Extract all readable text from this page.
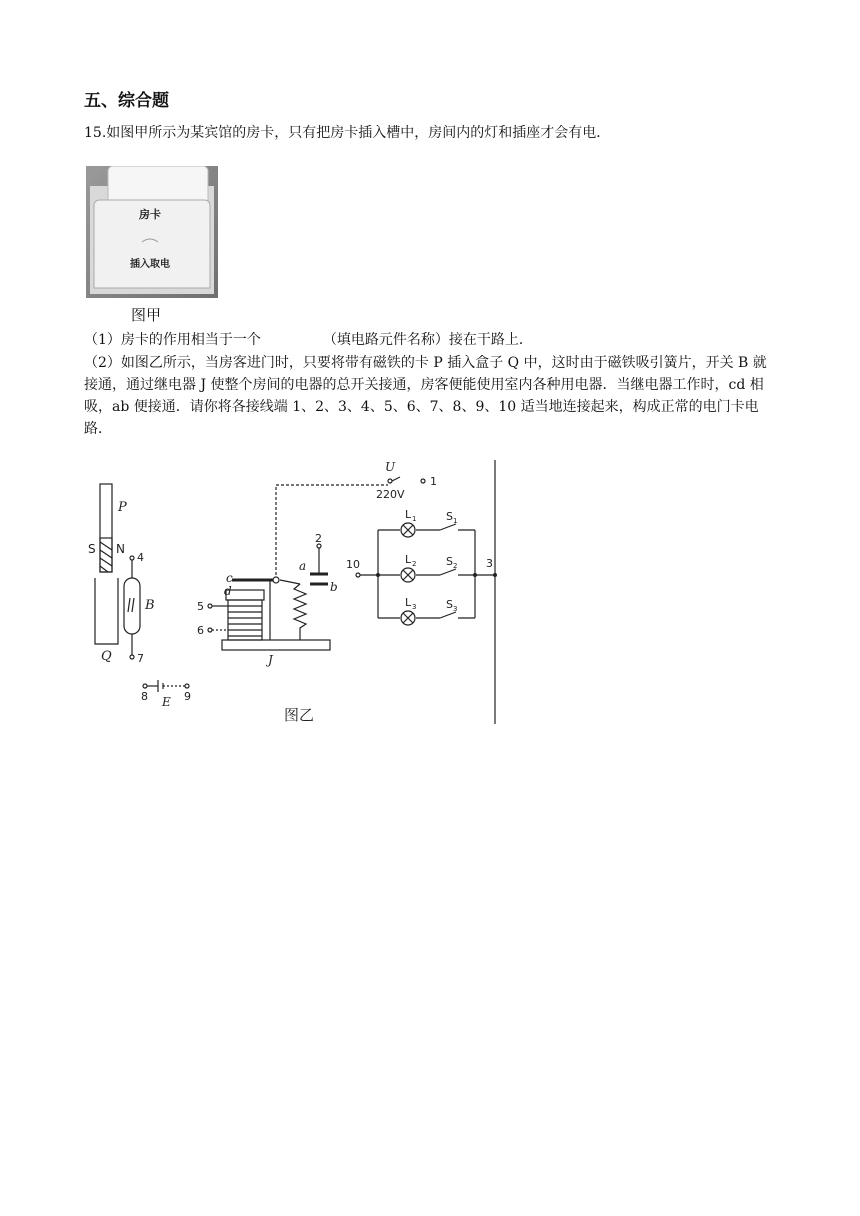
五、综合题
15.如图甲所示为某宾馆的房卡，只有把房卡插入槽中，房间内的灯和插座才会有电．
房卡
插入取电
图甲
（1）房卡的作用相当于一个	（填电路元件名称）接在干路上．
（2）如图乙所示，当房客进门时，只要将带有磁铁的卡 P 插入盒子 Q 中，这时由于磁铁吸引簧片，开关 B 就接通，通过继电器 J 使整个房间的电器的总开关接通，房客便能使用室内各种用电器．当继电器工作时，cd 相吸，ab 便接通．请你将各接线端 1、2、3、4、5、6、7、8、9、10 适当地连接起来，构成正常的电门卡电路．
P
S N
4
B
Q 7
8	9
E
c
d
5
6
J
a
b
2
U
220V
1
10	3
L 1
L 2
L 3
S 1
S 2
S 3
图乙
